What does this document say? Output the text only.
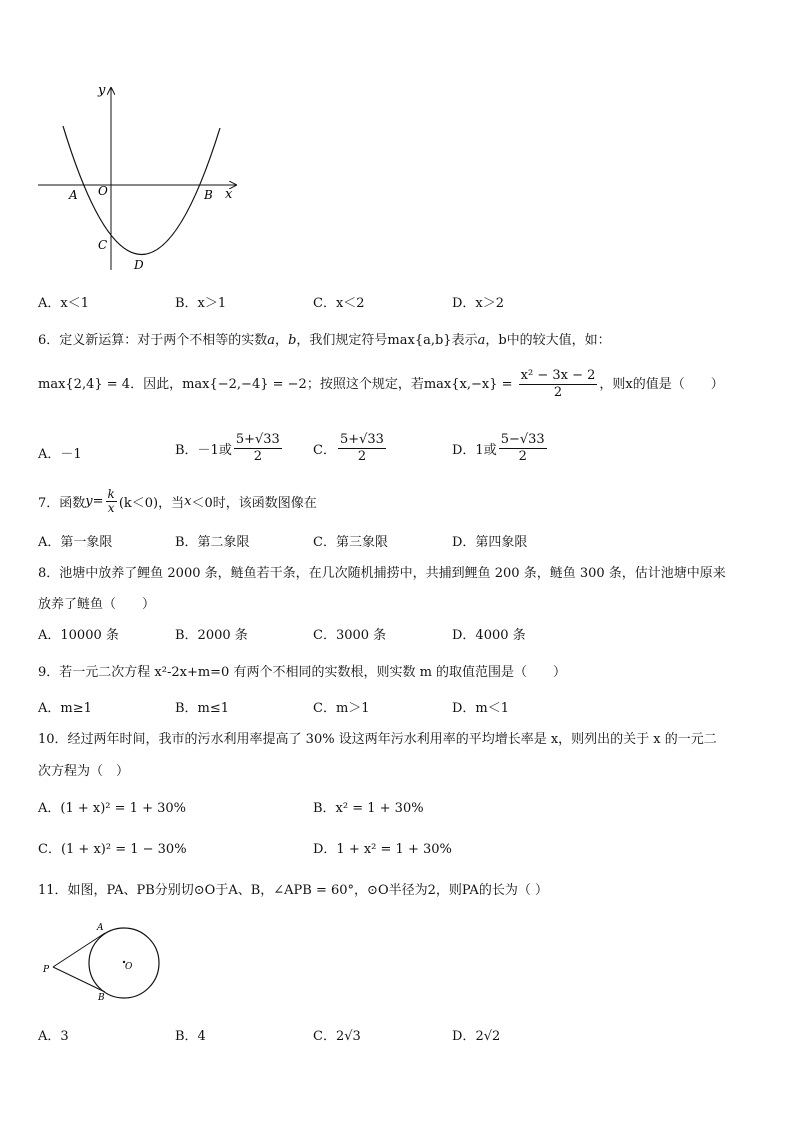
y
x
A O	B
C
D
A．x＜1	B．x＞1	C．x＜2	D．x＞2
6．定义新运算：对于两个不相等的实数a，b，我们规定符号max{a,b}表示a，b中的较大值，如：
max{2,4} = 4．因此，max{−2,−4} = −2；按照这个规定，若$\max\{x,-x\} = \frac{\text{x² − 3x − 2}}{2}$ ，则x的值是（　　）
A．－1	B．－1或 $\frac{5+√33}{2}$ C． $\frac{5+√33}{2}$	D．1或 $\frac{5-√33}{2}$
7．函数$y= \frac{k}{x} (k<0)$，当x＜0时，该函数图像在
A．第一象限	B．第二象限	C．第三象限	D．第四象限
8．池塘中放养了鲤鱼 2000 条，鲢鱼若干条，在几次随机捕捞中，共捕到鲤鱼 200 条，鲢鱼 300 条，估计池塘中原来
放养了鲢鱼（　　）
A．10000 条	B．2000 条	C．3000 条	D．4000 条
9．若一元二次方程 x²-2x+m=0 有两个不相同的实数根，则实数 m 的取值范围是（　　）
A．m≥1	B．m≤1	C．m＞1	D．m＜1
10．经过两年时间，我市的污水利用率提高了 30% 设这两年污水利用率的平均增长率是 x，则列出的关于 x 的一元二
次方程为（　）
A．(1 + x)² = 1 + 30%	B．x² = 1 + 30%
C．(1 + x)² = 1 − 30%	D．1 + x² = 1 + 30%
11．如图，PA、PB分别切⊙O于A、B，∠APB = 60°，⊙O半径为2，则PA的长为（ ）
A
B
P	O
A．3	B．4	C．2√3	D．2√2
